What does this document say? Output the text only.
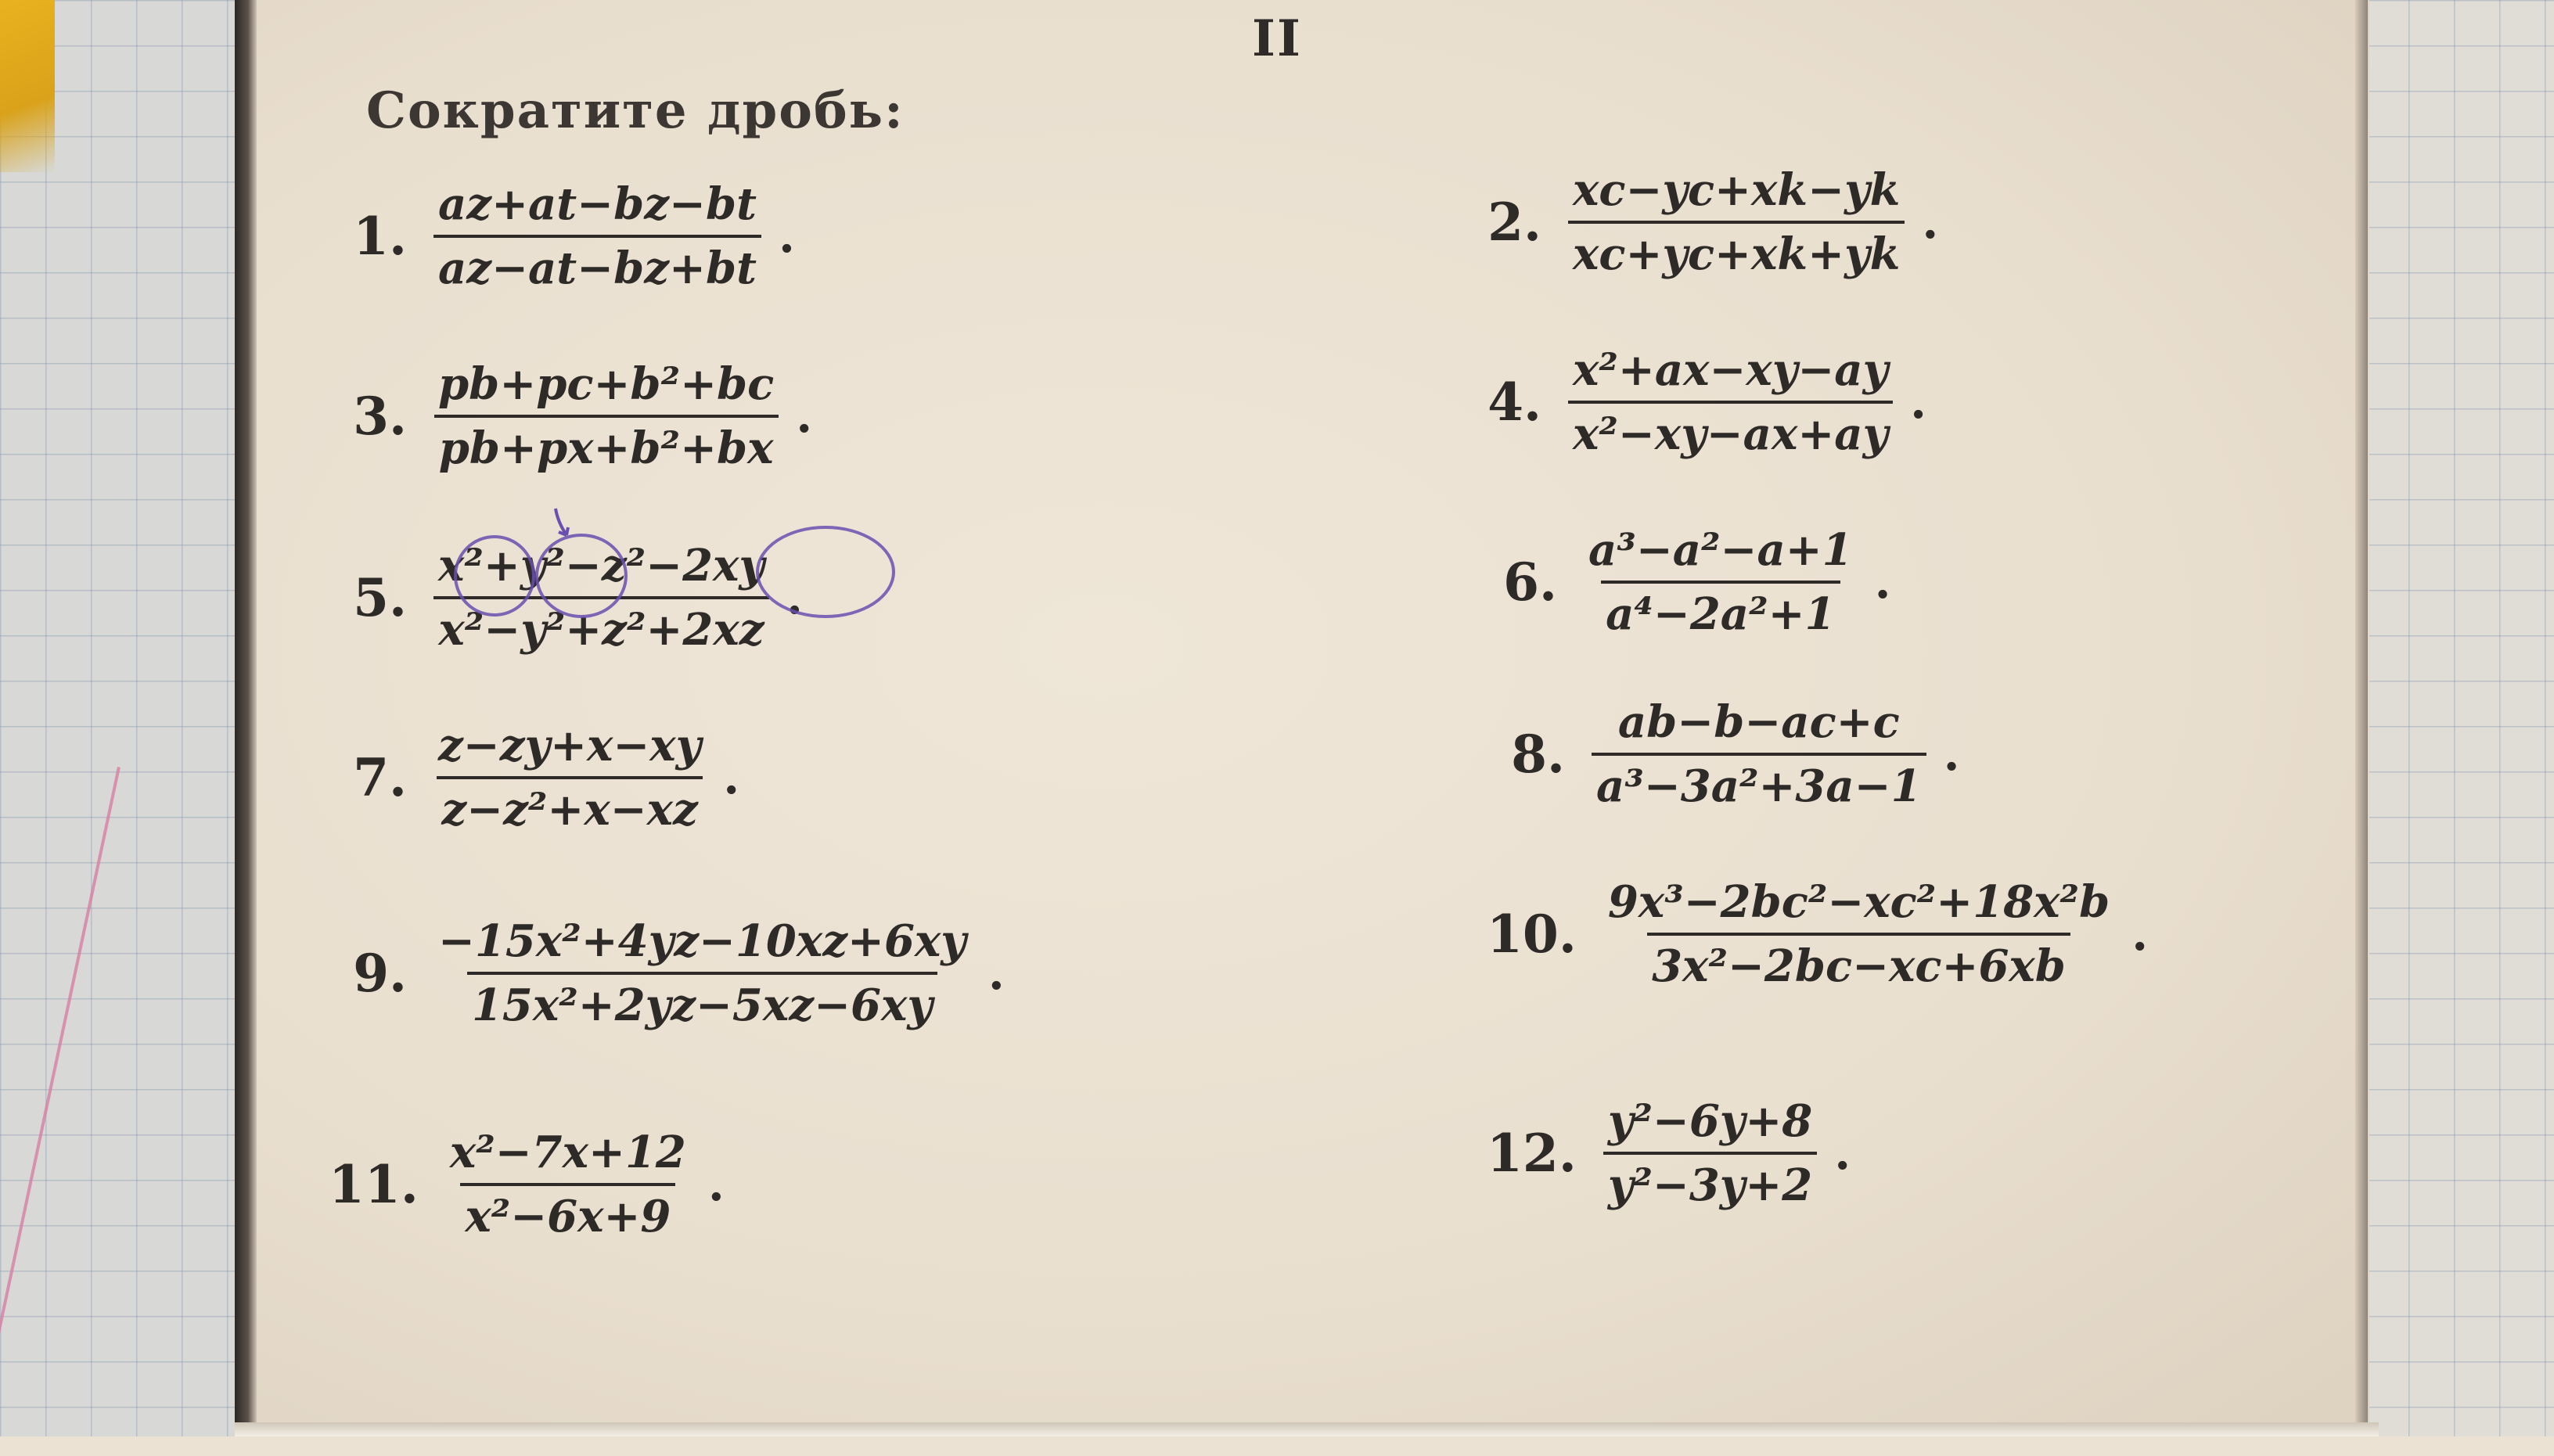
II
Сократите дробь:
1. $\frac{az+at-bz-bt}{az-at-bz+bt}$ .
3. $\frac{\text{pb+pc+b²+bc}}{\text{pb+px+b²+bx}}$ .
5. $\frac{\text{x²+y²−z²−2xy}}{\text{x²−y²+z²+2xz}}$ .
7. $\frac{z-zy+x-xy}{\text{z−z²+x−xz}}$ .
9. $\frac{\text{−15x²+4yz−10xz+6xy}}{\text{15x²+2yz−5xz−6xy}}$ .
11. $\frac{\text{x²−7x+12}}{\text{x²−6x+9}}$ .
2. $\frac{xc-yc+xk-yk}{xc+yc+xk+yk}$ .
4. $\frac{\text{x²+ax−xy−ay}}{\text{x²−xy−ax+ay}}$ .
6. $\frac{\text{a³−a²−a+1}}{\text{a⁴−2a²+1}}$ .
8. $\frac{ab-b-ac+c}{\text{a³−3a²+3a−1}}$ .
10. $\frac{\text{9x³−2bc²−xc²+18x²b}}{\text{3x²−2bc−xc+6xb}}$ .
12. $\frac{\text{y²−6y+8}}{\text{y²−3y+2}}$ .
